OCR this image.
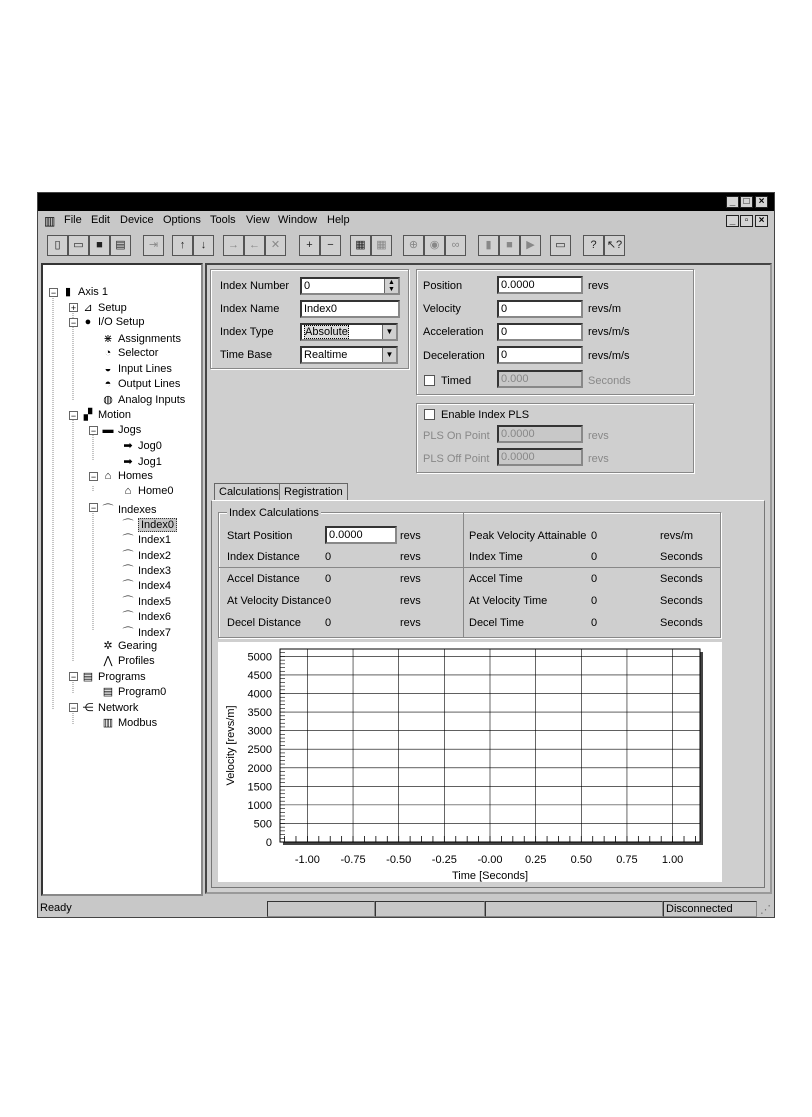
_ □ ×
▥ File Edit Device Options Tools View Window Help	_ ▫	×
▯	▭	■	▤	⇥	↑	↓	→ ← ✕	+	−	▦ ▦	⊕	◉	∞	▮	■	▶	▭	? ↖?
− ▮ Axis 1
+ ⊿ Setup
− ● I/O Setup
⋇ Assignments
◔ Selector
◒ Input Lines
◓ Output Lines
◍ Analog Inputs
− ▞ Motion
− ▬ Jogs
➡ Jog0
➡ Jog1
− ⌂ Homes
⌂ Home0
− ⌒ Indexes
⌒ Index0
⌒ Index1
⌒ Index2
⌒ Index3
⌒ Index4
⌒ Index5
⌒ Index6
⌒ Index7
✲ Gearing
⋀ Profiles
− ▤ Programs
▤ Program0
− ⋲ Network
▥ Modbus
Index Number	0	▲
▼
Index Name	Index0
Index Type	Absolute	▼
Time Base	Realtime	▼
Position	0.0000	revs
Velocity	0	revs/m
Acceleration	0	revs/m/s
Deceleration	0	revs/m/s
Timed	0.000	Seconds
Enable Index PLS
PLS On Point	0.0000	revs
PLS Off Point	0.0000	revs
Calculations Registration
Index Calculations
Start Position	0.0000	revs
Index Distance 0	revs
Peak Velocity Attainable 0	revs/m
Index Time	0	Seconds
Accel Distance 0	revs
At Velocity Distance 0	revs
Decel Distance 0	revs
Accel Time	0	Seconds
At Velocity Time	0	Seconds
Decel Time	0	Seconds
-1.00 -0.75 -0.50 -0.25 -0.00 0.25 0.50 0.75 1.00
0
500
1000
1500
2000
2500
3000
3500
4000
4500
5000
Time [Seconds]
Velocity [revs/m]
Ready	Disconnected	⋰
